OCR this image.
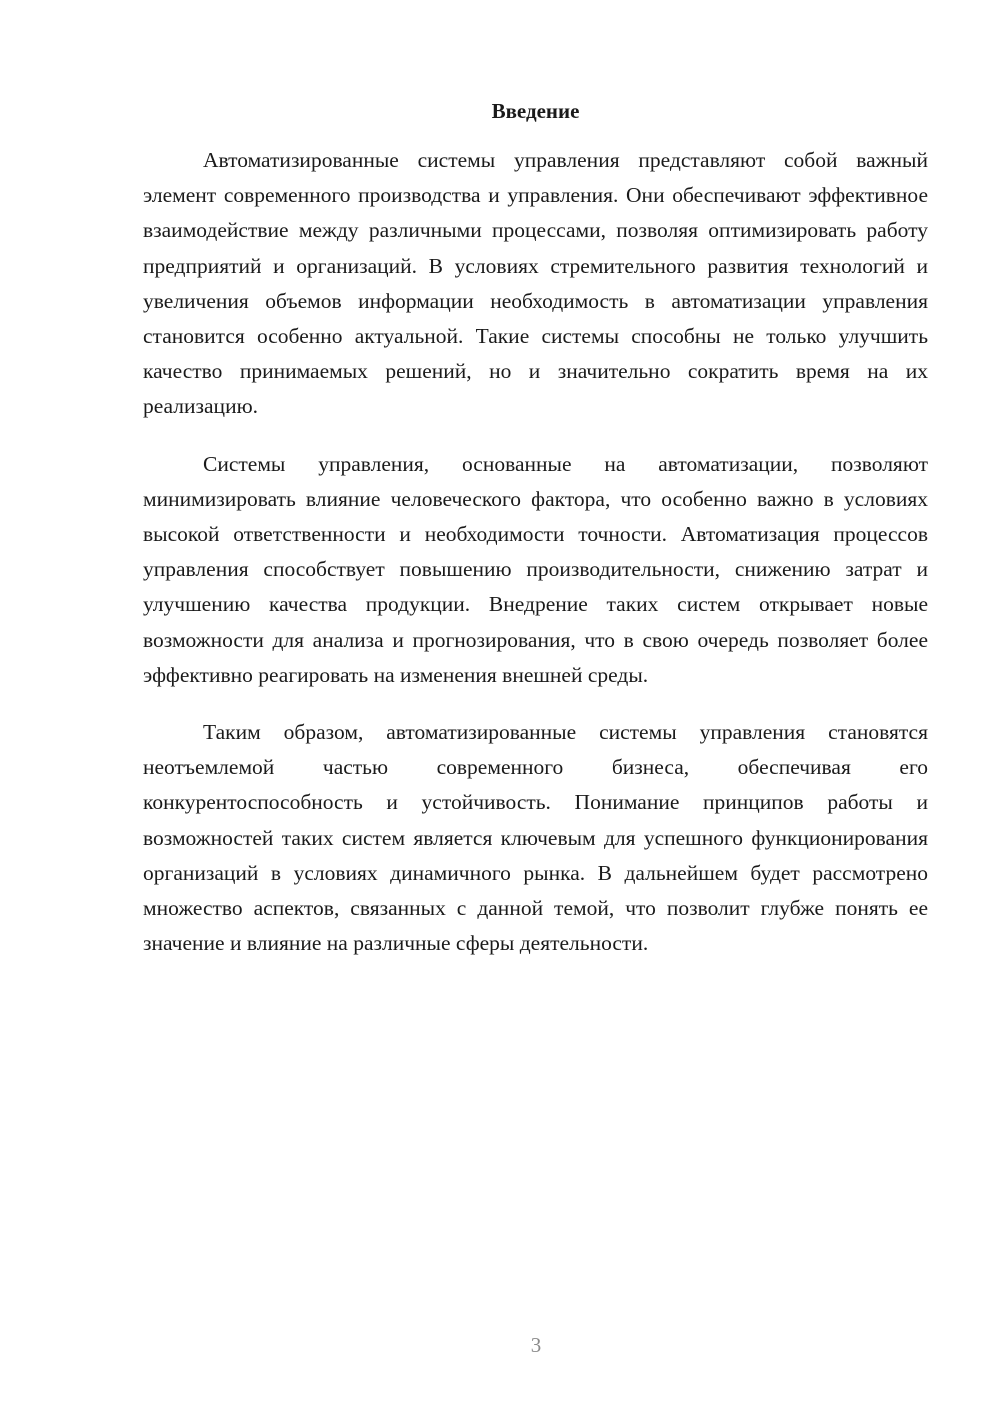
Введение

Автоматизированные системы управления представляют собой важный элемент современного производства и управления. Они обеспечивают эффективное взаимодействие между различными процессами, позволяя оптимизировать работу предприятий и организаций. В условиях стремительного развития технологий и увеличения объемов информации необходимость в автоматизации управления становится особенно актуальной. Такие системы способны не только улучшить качество принимаемых решений, но и значительно сократить время на их реализацию.

Системы управления, основанные на автоматизации, позволяют минимизировать влияние человеческого фактора, что особенно важно в условиях высокой ответственности и необходимости точности. Автоматизация процессов управления способствует повышению производительности, снижению затрат и улучшению качества продукции. Внедрение таких систем открывает новые возможности для анализа и прогнозирования, что в свою очередь позволяет более эффективно реагировать на изменения внешней среды.

Таким образом, автоматизированные системы управления становятся неотъемлемой частью современного бизнеса, обеспечивая его конкурентоспособность и устойчивость. Понимание принципов работы и возможностей таких систем является ключевым для успешного функционирования организаций в условиях динамичного рынка. В дальнейшем будет рассмотрено множество аспектов, связанных с данной темой, что позволит глубже понять ее значение и влияние на различные сферы деятельности.

3
